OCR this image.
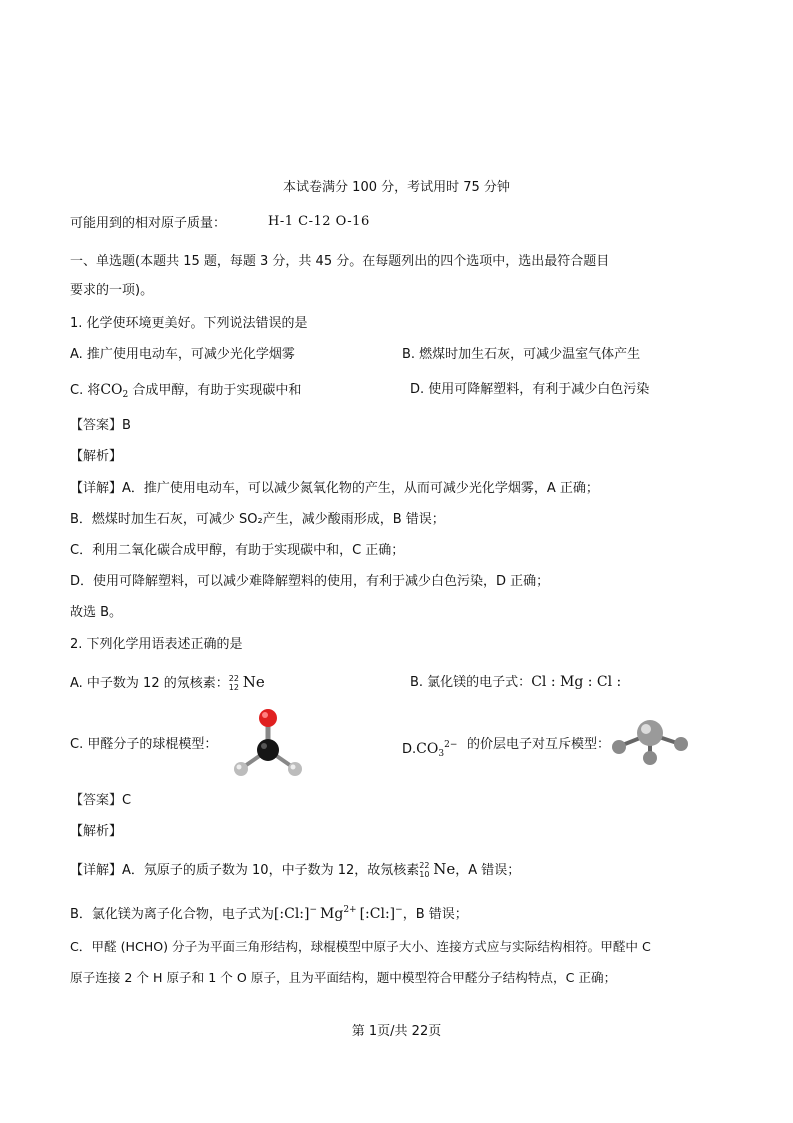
本试卷满分 100 分，考试用时 75 分钟
可能用到的相对原子质量：	H-1 C-12 O-16
一、单选题(本题共 15 题，每题 3 分，共 45 分。在每题列出的四个选项中，选出最符合题目
要求的一项)。
1. 化学使环境更美好。下列说法错误的是
A. 推广使用电动车，可减少光化学烟雾	B. 燃煤时加生石灰，可减少温室气体产生
C. 将$CO_2$ 合成甲醇，有助于实现碳中和	D. 使用可降解塑料，有利于减少白色污染
【答案】B
【解析】
【详解】A．推广使用电动车，可以减少氮氧化物的产生，从而可减少光化学烟雾，A 正确；
B．燃煤时加生石灰，可减少 SO₂产生，减少酸雨形成，B 错误；
C．利用二氧化碳合成甲醇，有助于实现碳中和，C 正确；
D．使用可降解塑料，可以减少难降解塑料的使用，有利于减少白色污染，D 正确；
故选 B。
2. 下列化学用语表述正确的是
A. 中子数为 12 的氖核素： 22
12 Ne	B. 氯化镁的电子式：Cl : Mg : Cl :
C. 甲醛分子的球棍模型：	$D.CO_3^{2-}$ 的价层电子对互斥模型：
【答案】C
【解析】
【详解】A．氖原子的质子数为 10，中子数为 12，故氖核素 22
10 Ne，A 错误；
B．氯化镁为离子化合物，电子式为[:Cl:]− $Mg^{2+}$ [:Cl:]−，B 错误；
C．甲醛 (HCHO) 分子为平面三角形结构，球棍模型中原子大小、连接方式应与实际结构相符。甲醛中 C
原子连接 2 个 H 原子和 1 个 O 原子，且为平面结构，题中模型符合甲醛分子结构特点，C 正确；
第 1页/共 22页
